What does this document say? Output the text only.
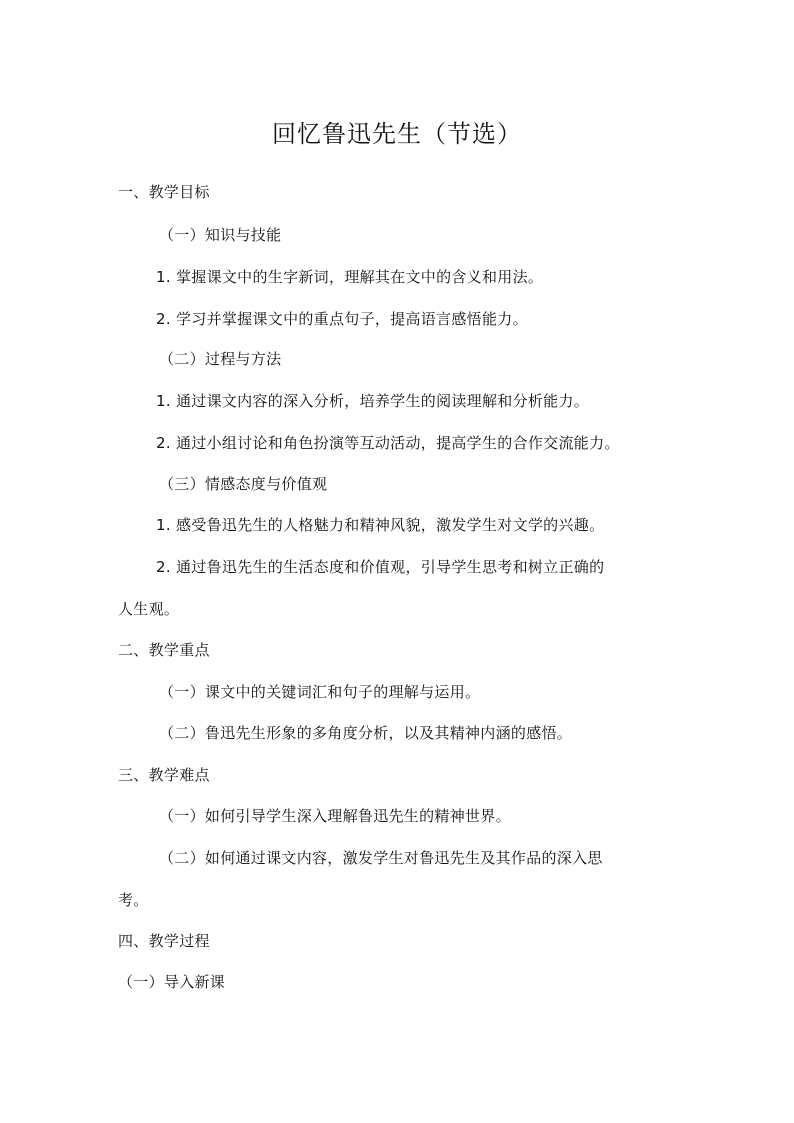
回忆鲁迅先生（节选）
一、教学目标
（一）知识与技能
1. 掌握课文中的生字新词，理解其在文中的含义和用法。
2. 学习并掌握课文中的重点句子，提高语言感悟能力。
（二）过程与方法
1. 通过课文内容的深入分析，培养学生的阅读理解和分析能力。
2. 通过小组讨论和角色扮演等互动活动，提高学生的合作交流能力。
（三）情感态度与价值观
1. 感受鲁迅先生的人格魅力和精神风貌，激发学生对文学的兴趣。
2. 通过鲁迅先生的生活态度和价值观，引导学生思考和树立正确的
人生观。
二、教学重点
（一）课文中的关键词汇和句子的理解与运用。
（二）鲁迅先生形象的多角度分析，以及其精神内涵的感悟。
三、教学难点
（一）如何引导学生深入理解鲁迅先生的精神世界。
（二）如何通过课文内容，激发学生对鲁迅先生及其作品的深入思
考。
四、教学过程
（一）导入新课
